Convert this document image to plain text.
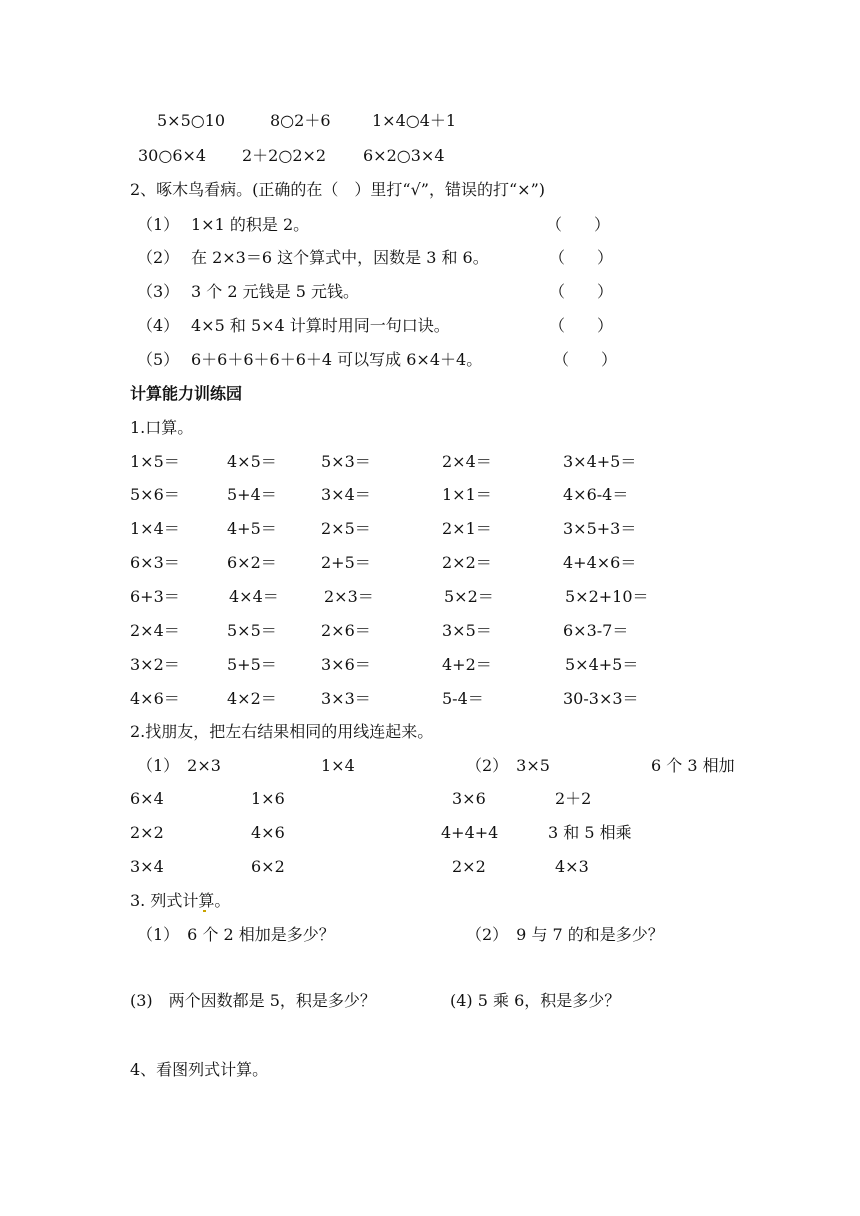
5×5○10	8○2＋6	1×4○4＋1
30○6×4 2＋2○2×2 6×2○3×4
2、啄木鸟看病。(正确的在（　）里打“√”，错误的打“×”)
（1） 1×1 的积是 2。	（　　）
（2） 在 2×3＝6 这个算式中，因数是 3 和 6。	（　　）
（3） 3 个 2 元钱是 5 元钱。	（　　）
（4） 4×5 和 5×4 计算时用同一句口诀。	（　　）
（5） 6＋6＋6＋6＋6＋4 可以写成 6×4＋4。	（　　）
计算能力训练园
1.口算。
1×5＝	4×5＝	5×3＝	2×4＝	3×4+5＝
5×6＝	5+4＝	3×4＝	1×1＝	4×6-4＝
1×4＝	4+5＝	2×5＝	2×1＝	3×5+3＝
6×3＝	6×2＝	2+5＝	2×2＝	4+4×6＝
6+3＝	4×4＝	2×3＝	5×2＝	5×2+10＝
2×4＝	5×5＝	2×6＝	3×5＝	6×3-7＝
3×2＝	5+5＝	3×6＝	4+2＝	5×4+5＝
4×6＝	4×2＝	3×3＝	5-4＝	30-3×3＝
2.找朋友，把左右结果相同的用线连起来。
（1）　2×3	1×4	（2）　3×5	6 个 3 相加
6×4	1×6	3×6	2＋2
2×2	4×6	4+4+4	3 和 5 相乘
3×4	6×2	2×2	4×3
3. 列式计算。
（1）　6 个 2 相加是多少？	（2）　9 与 7 的和是多少？
(3)　两个因数都是 5，积是多少？	(4) 5 乘 6，积是多少？
4、看图列式计算。
